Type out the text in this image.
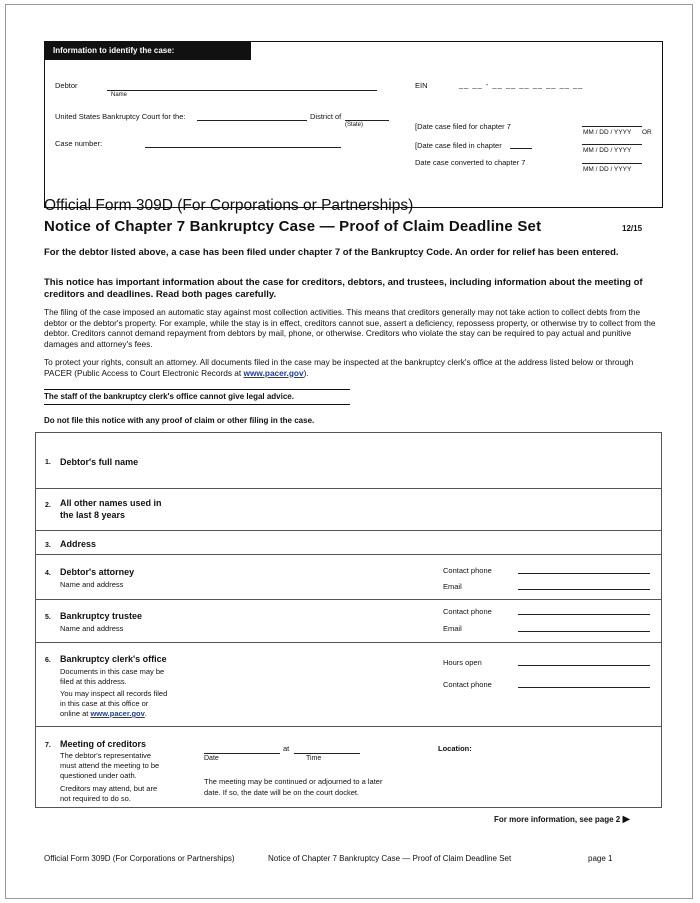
Information to identify the case:
Debtor
Name
EIN	__ __ - __ __ __ __ __ __ __
United States Bankruptcy Court for the:	District of
(State)	[Date case filed for chapter 7
MM / DD / YYYY OR
Case number:	[Date case filed in chapter
MM / DD / YYYY
Date case converted to chapter 7
MM / DD / YYYY
Official Form 309D (For Corporations or Partnerships)
Notice of Chapter 7 Bankruptcy Case — Proof of Claim Deadline Set	12/15
For the debtor listed above, a case has been filed under chapter 7 of the Bankruptcy Code. An order for relief has been entered.
This notice has important information about the case for creditors, debtors, and trustees, including information about the meeting of creditors and deadlines. Read both pages carefully.
The filing of the case imposed an automatic stay against most collection activities. This means that creditors generally may not take action to collect debts from the debtor or the debtor's property. For example, while the stay is in effect, creditors cannot sue, assert a deficiency, repossess property, or otherwise try to collect from the debtor. Creditors cannot demand repayment from debtors by mail, phone, or otherwise. Creditors who violate the stay can be required to pay actual and punitive damages and attorney's fees.
To protect your rights, consult an attorney. All documents filed in the case may be inspected at the bankruptcy clerk's office at the address listed below or through PACER (Public Access to Court Electronic Records at www.pacer.gov).
The staff of the bankruptcy clerk's office cannot give legal advice.
Do not file this notice with any proof of claim or other filing in the case.
1. Debtor's full name
2. All other names used in
the last 8 years
3. Address
4. Debtor's attorney
Name and address
Contact phone
Email
5. Bankruptcy trustee
Name and address
Contact phone
Email
6. Bankruptcy clerk's office
Documents in this case may be
filed at this address.
You may inspect all records filed
in this case at this office or
online at www.pacer.gov.
Hours open
Contact phone
7. Meeting of creditors
The debtor's representative
must attend the meeting to be
questioned under oath.
Creditors may attend, but are
not required to do so.
at
Date	Time
Location:
The meeting may be continued or adjourned to a later
date. If so, the date will be on the court docket.
For more information, see page 2 ▶
Official Form 309D (For Corporations or Partnerships)	Notice of Chapter 7 Bankruptcy Case — Proof of Claim Deadline Set	page 1
